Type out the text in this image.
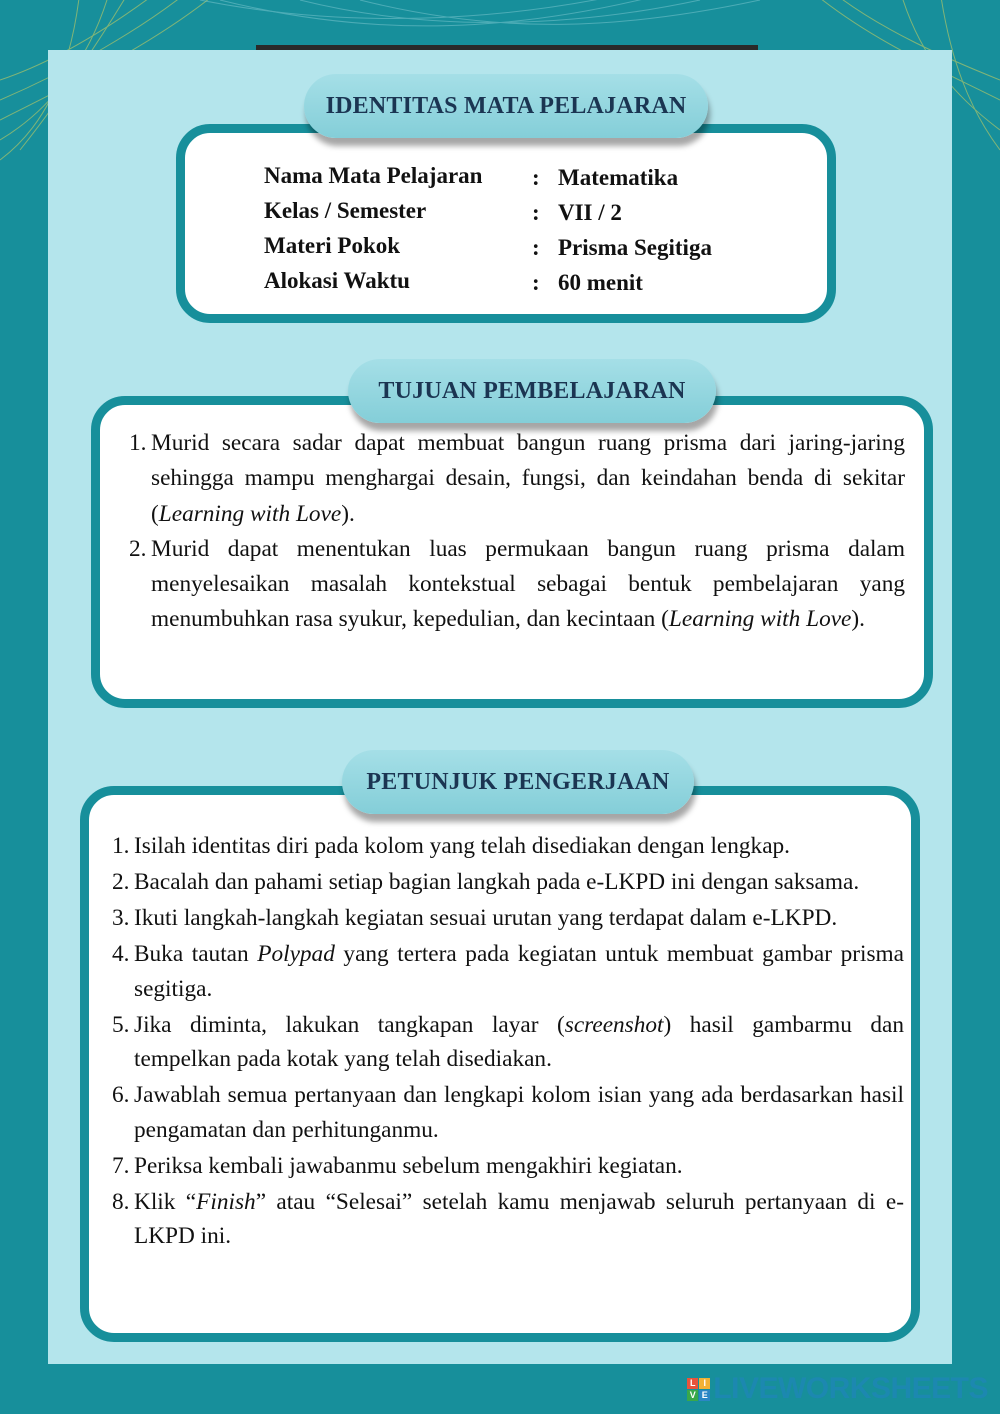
IDENTITAS MATA PELAJARAN
Nama Mata Pelajaran : Matematika
Kelas / Semester	: VII / 2
Materi Pokok	: Prisma Segitiga
Alokasi Waktu	: 60 menit
TUJUAN PEMBELAJARAN
1. Murid secara sadar dapat membuat bangun ruang prisma dari jaring-jaring sehingga mampu menghargai desain, fungsi, dan keindahan benda di sekitar (Learning with Love).
2. Murid dapat menentukan luas permukaan bangun ruang prisma dalam menyelesaikan masalah kontekstual sebagai bentuk pembelajaran yang menumbuhkan rasa syukur, kepedulian, dan kecintaan (Learning with Love).
PETUNJUK PENGERJAAN
1. Isilah identitas diri pada kolom yang telah disediakan dengan lengkap.
2. Bacalah dan pahami setiap bagian langkah pada e-LKPD ini dengan saksama.
3. Ikuti langkah-langkah kegiatan sesuai urutan yang terdapat dalam e-LKPD.
4. Buka tautan Polypad yang tertera pada kegiatan untuk membuat gambar prisma segitiga.
5. Jika diminta, lakukan tangkapan layar (screenshot) hasil gambarmu dan tempelkan pada kotak yang telah disediakan.
6. Jawablah semua pertanyaan dan lengkapi kolom isian yang ada berdasarkan hasil pengamatan dan perhitunganmu.
7. Periksa kembali jawabanmu sebelum mengakhiri kegiatan.
8. Klik “Finish” atau “Selesai” setelah kamu menjawab seluruh pertanyaan di e-LKPD ini.
L I
V E LIVEWORKSHEETS
